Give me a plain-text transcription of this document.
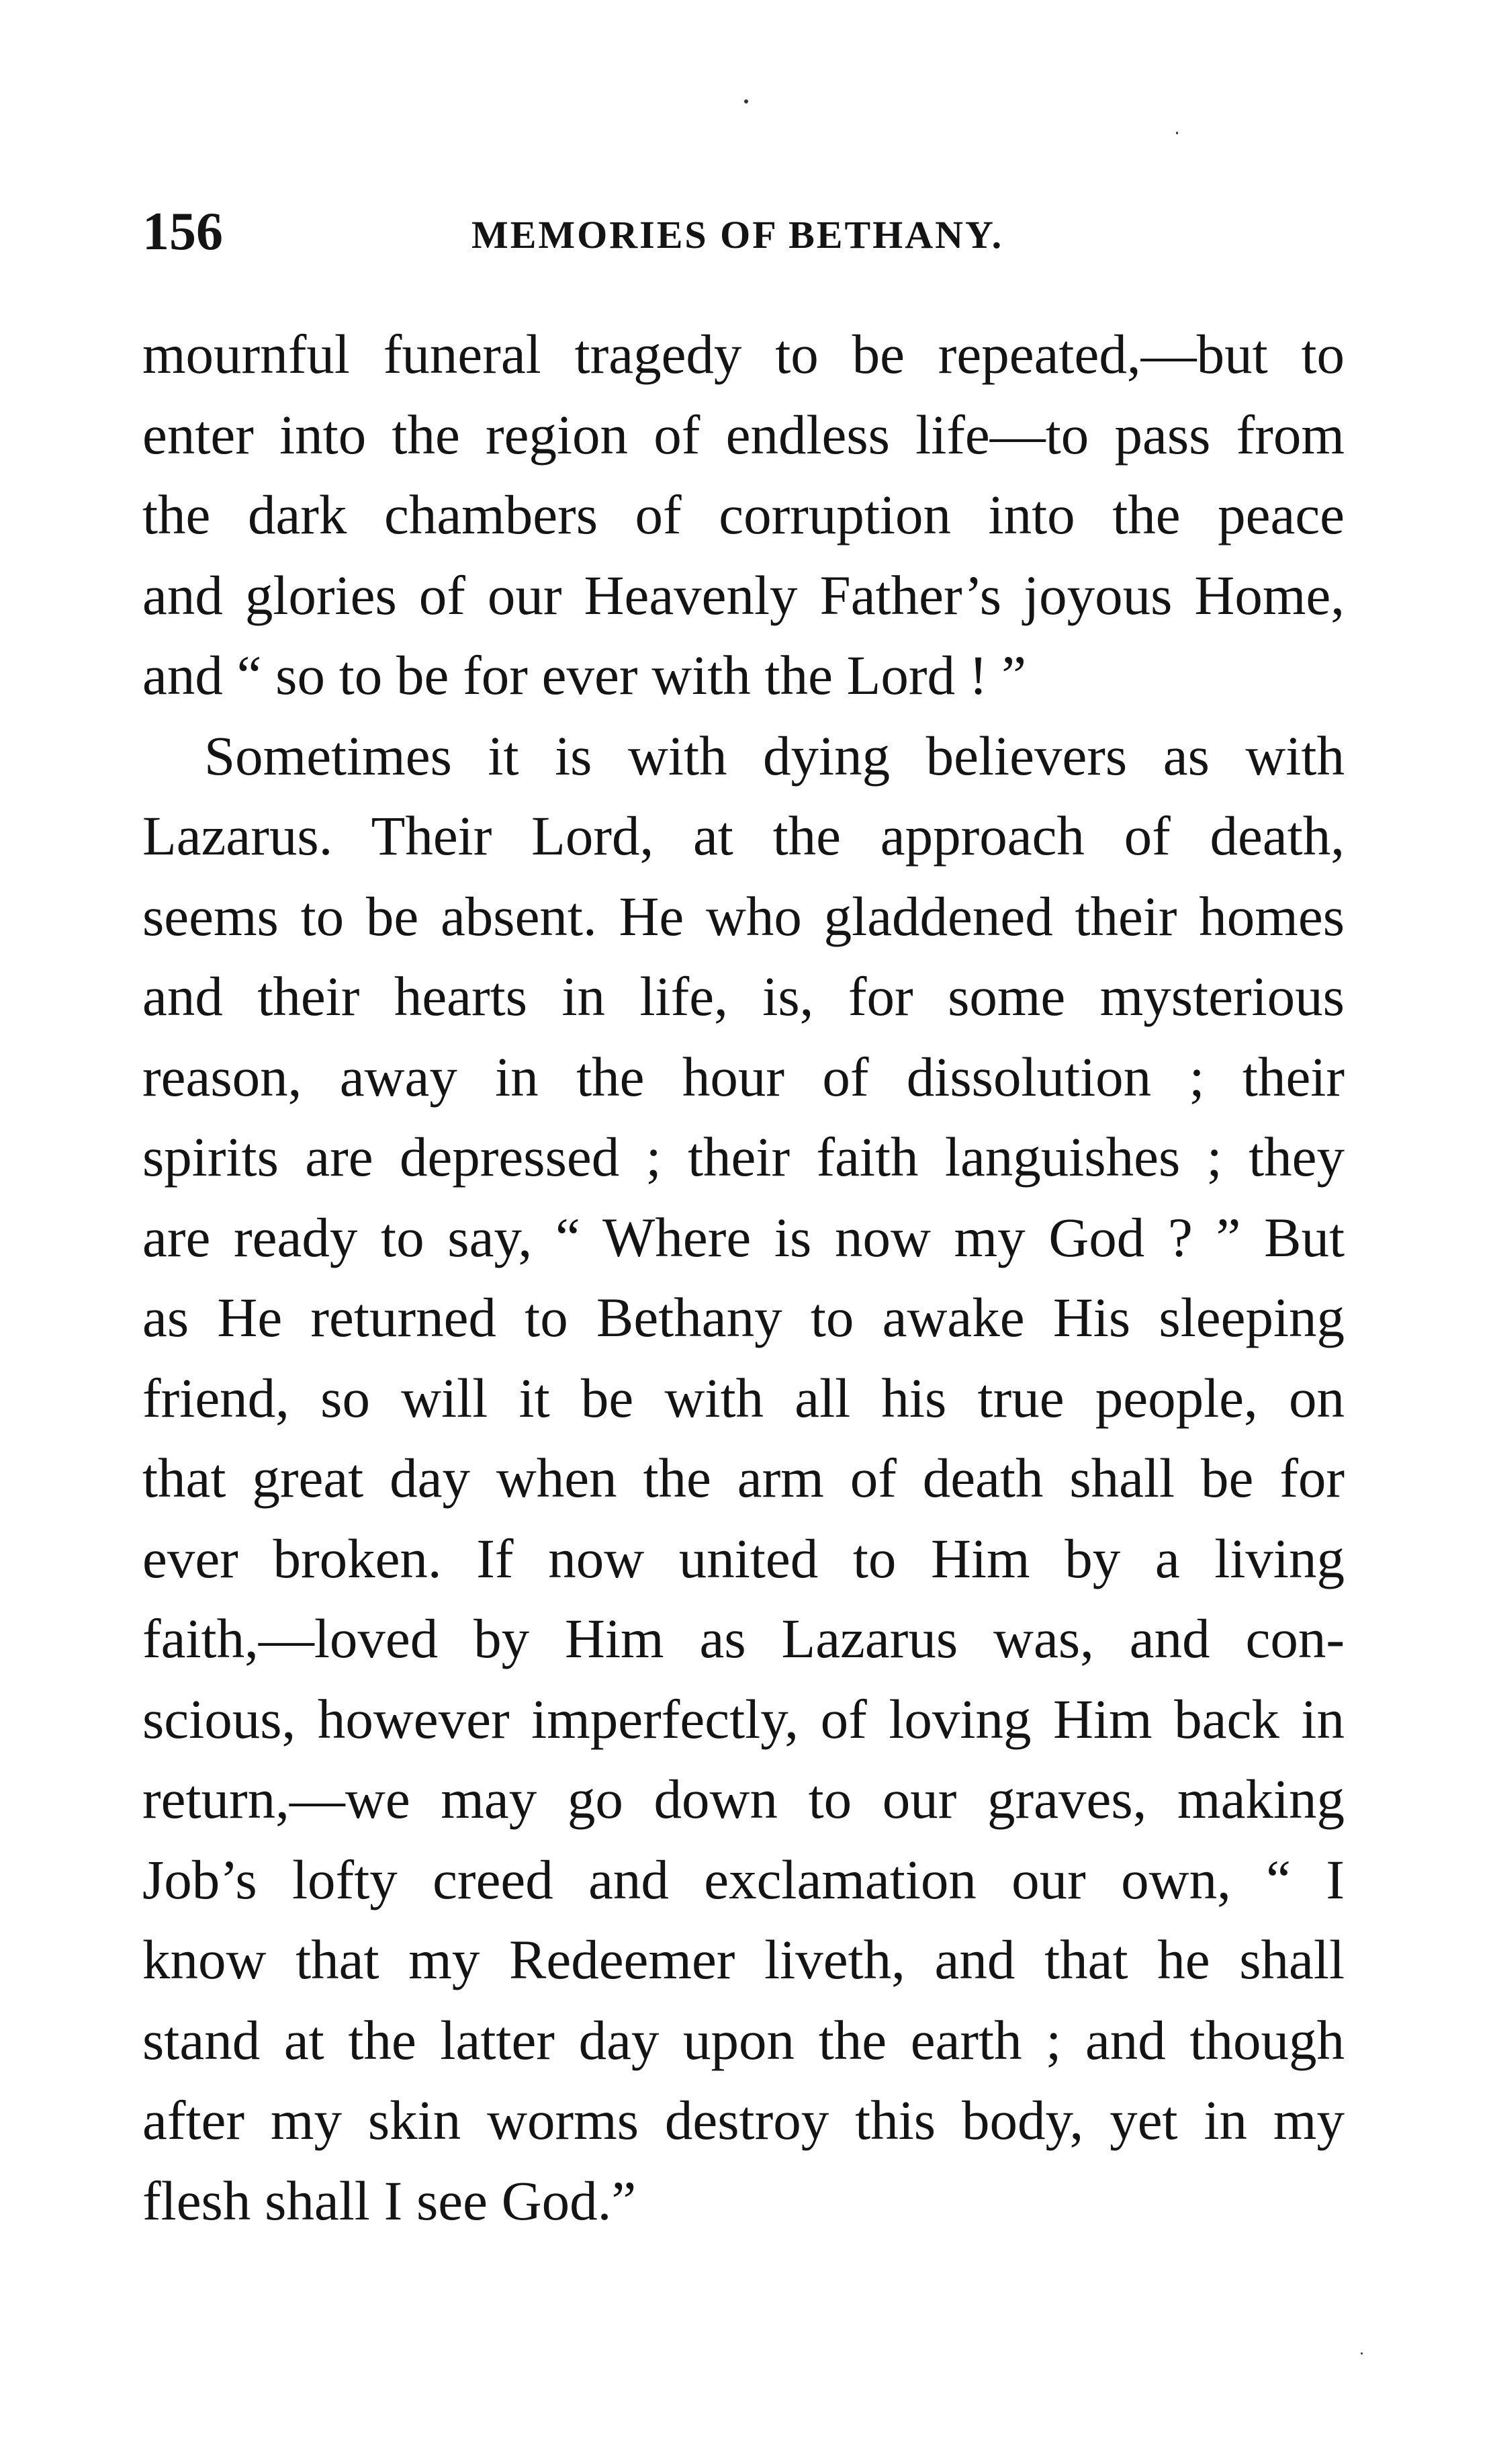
156	MEMORIES OF BETHANY.
mournful funeral tragedy to be repeated,—but to
enter into the region of endless life—to pass from
the dark chambers of corruption into the peace
and glories of our Heavenly Father’s joyous Home,
and “ so to be for ever with the Lord ! ”
Sometimes it is with dying believers as with
Lazarus. Their Lord, at the approach of death,
seems to be absent. He who gladdened their homes
and their hearts in life, is, for some mysterious
reason, away in the hour of dissolution ; their
spirits are depressed ; their faith languishes ; they
are ready to say, “ Where is now my God ? ” But
as He returned to Bethany to awake His sleeping
friend, so will it be with all his true people, on
that great day when the arm of death shall be for
ever broken. If now united to Him by a living
faith,—loved by Him as Lazarus was, and con-
scious, however imperfectly, of loving Him back in
return,—we may go down to our graves, making
Job’s lofty creed and exclamation our own, “ I
know that my Redeemer liveth, and that he shall
stand at the latter day upon the earth ; and though
after my skin worms destroy this body, yet in my
flesh shall I see God.”
